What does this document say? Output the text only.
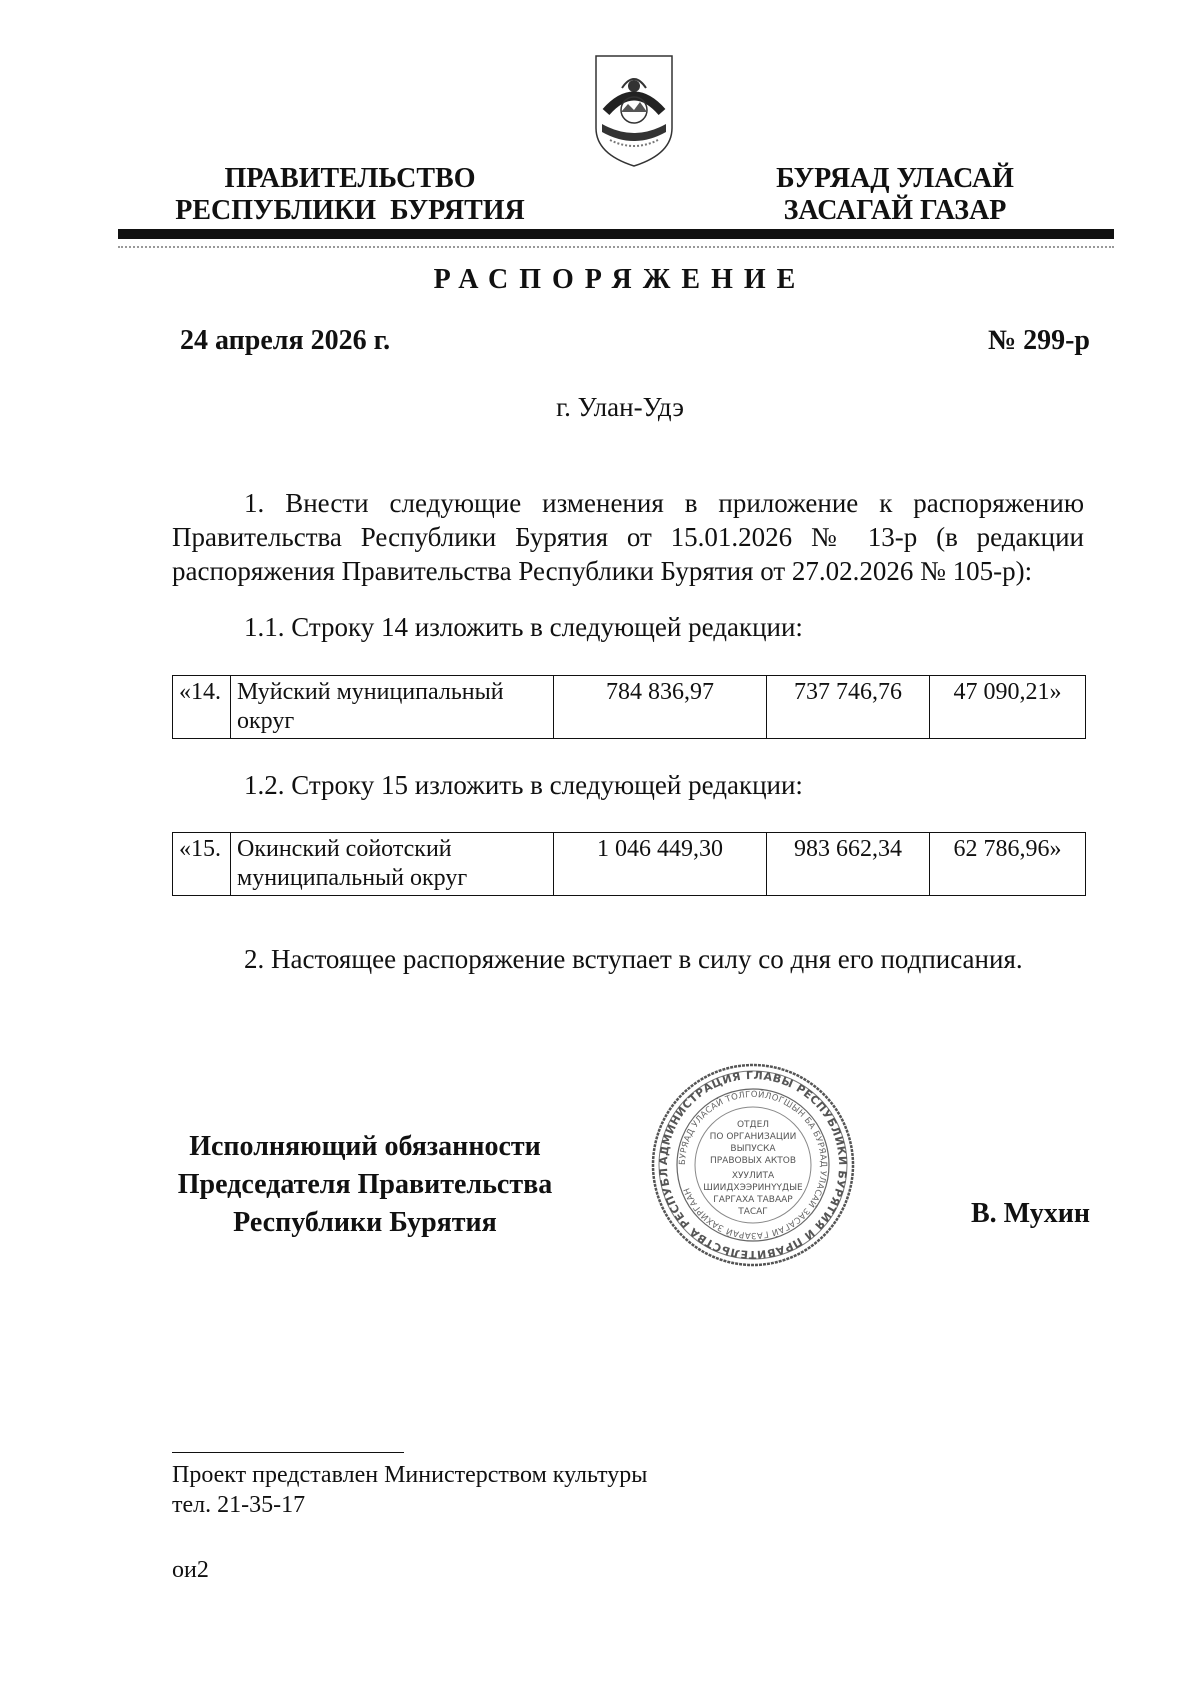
ПРАВИТЕЛЬСТВО
РЕСПУБЛИКИ  БУРЯТИЯ
БУРЯАД УЛАСАЙ
ЗАСАГАЙ ГАЗАР
РАСПОРЯЖЕНИЕ
24 апреля 2026 г.	№ 299-р
г. Улан-Удэ
1. Внести следующие изменения в приложение к распоряжению Правительства Республики Бурятия от 15.01.2026 № 13-р (в редакции распоряжения Правительства Республики Бурятия от 27.02.2026 № 105-р):
1.1. Строку 14 изложить в следующей редакции:
«14.	Муйский муниципальный округ	784 836,97	737 746,76	47 090,21»
1.2. Строку 15 изложить в следующей редакции:
«15.	Окинский сойотский муниципальный округ	1 046 449,30	983 662,34	62 786,96»
2. Настоящее распоряжение вступает в силу со дня его подписания.
Исполняющий обязанности
Председателя Правительства
Республики Бурятия
АДМИНИСТРАЦИЯ ГЛАВЫ РЕСПУБЛИКИ БУРЯТИЯ И ПРАВИТЕЛЬСТВА РЕСПУБЛ
БУРЯАД УЛАСАЙ ТОЛГОЙЛОГШЫН БА БУРЯАД УЛАСАЙ ЗАСАГАЙ ГАЗАРАЙ ЗАХИРГААН
ОТДЕЛ
ПО ОРГАНИЗАЦИИ
ВЫПУСКА
ПРАВОВЫХ АКТОВ
ХУУЛИТА
ШИИДХЭЭРИНҮҮДЫЕ
ГАРГАХА ТАВААР
ТАСАГ	В. Мухин
Проект представлен Министерством культуры
тел. 21-35-17
ои2
